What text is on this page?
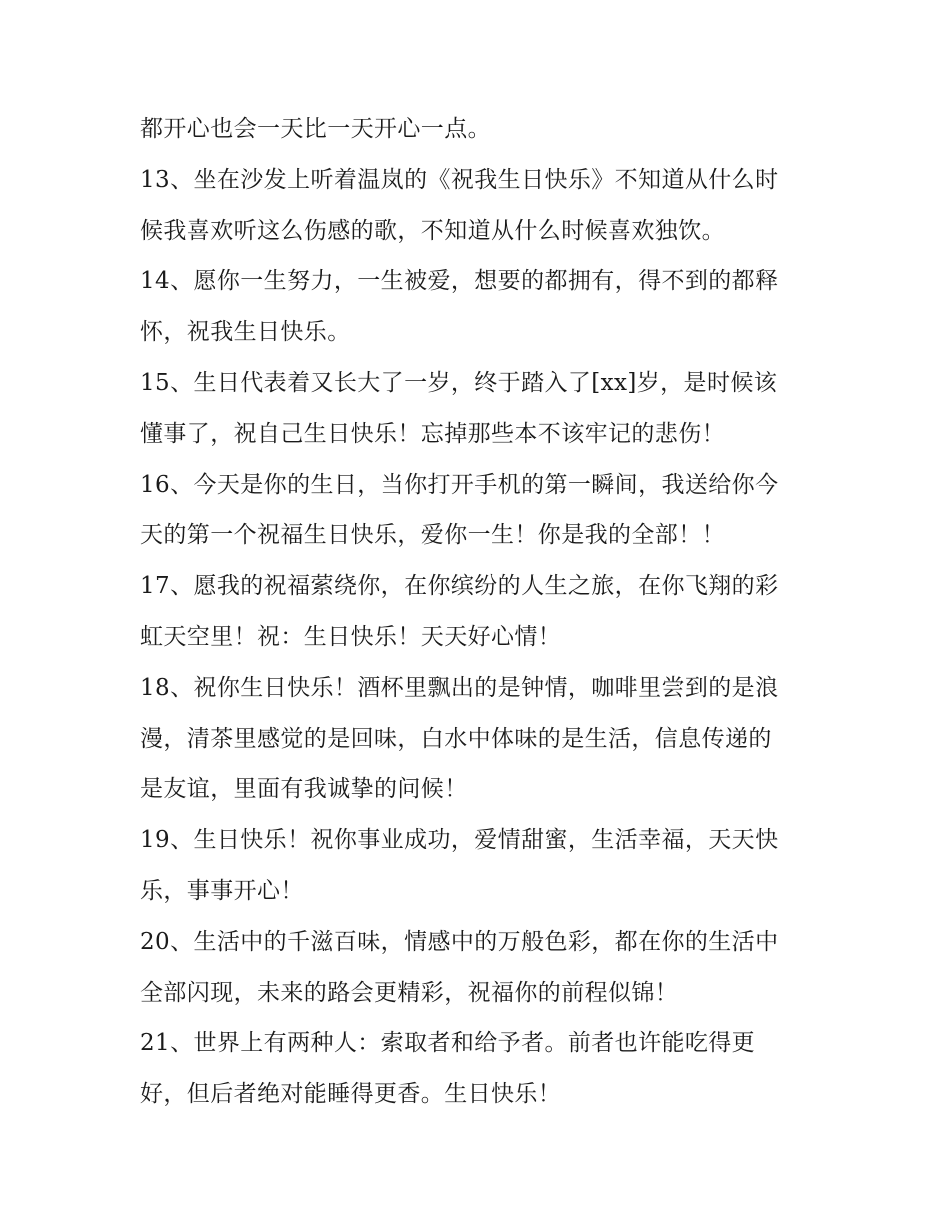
都开心也会一天比一天开心一点。
13、坐在沙发上听着温岚的《祝我生日快乐》不知道从什么时
候我喜欢听这么伤感的歌，不知道从什么时候喜欢独饮。
14、愿你一生努力，一生被爱，想要的都拥有，得不到的都释
怀，祝我生日快乐。
15、生日代表着又长大了一岁，终于踏入了[xx]岁，是时候该
懂事了，祝自己生日快乐！忘掉那些本不该牢记的悲伤！
16、今天是你的生日，当你打开手机的第一瞬间，我送给你今
天的第一个祝福生日快乐，爱你一生！你是我的全部！！
17、愿我的祝福萦绕你，在你缤纷的人生之旅，在你飞翔的彩
虹天空里！祝：生日快乐！天天好心情！
18、祝你生日快乐！酒杯里飘出的是钟情，咖啡里尝到的是浪
漫，清茶里感觉的是回味，白水中体味的是生活，信息传递的
是友谊，里面有我诚挚的问候！
19、生日快乐！祝你事业成功，爱情甜蜜，生活幸福，天天快
乐，事事开心！
20、生活中的千滋百味，情感中的万般色彩，都在你的生活中
全部闪现，未来的路会更精彩，祝福你的前程似锦！
21、世界上有两种人：索取者和给予者。前者也许能吃得更
好，但后者绝对能睡得更香。生日快乐！
